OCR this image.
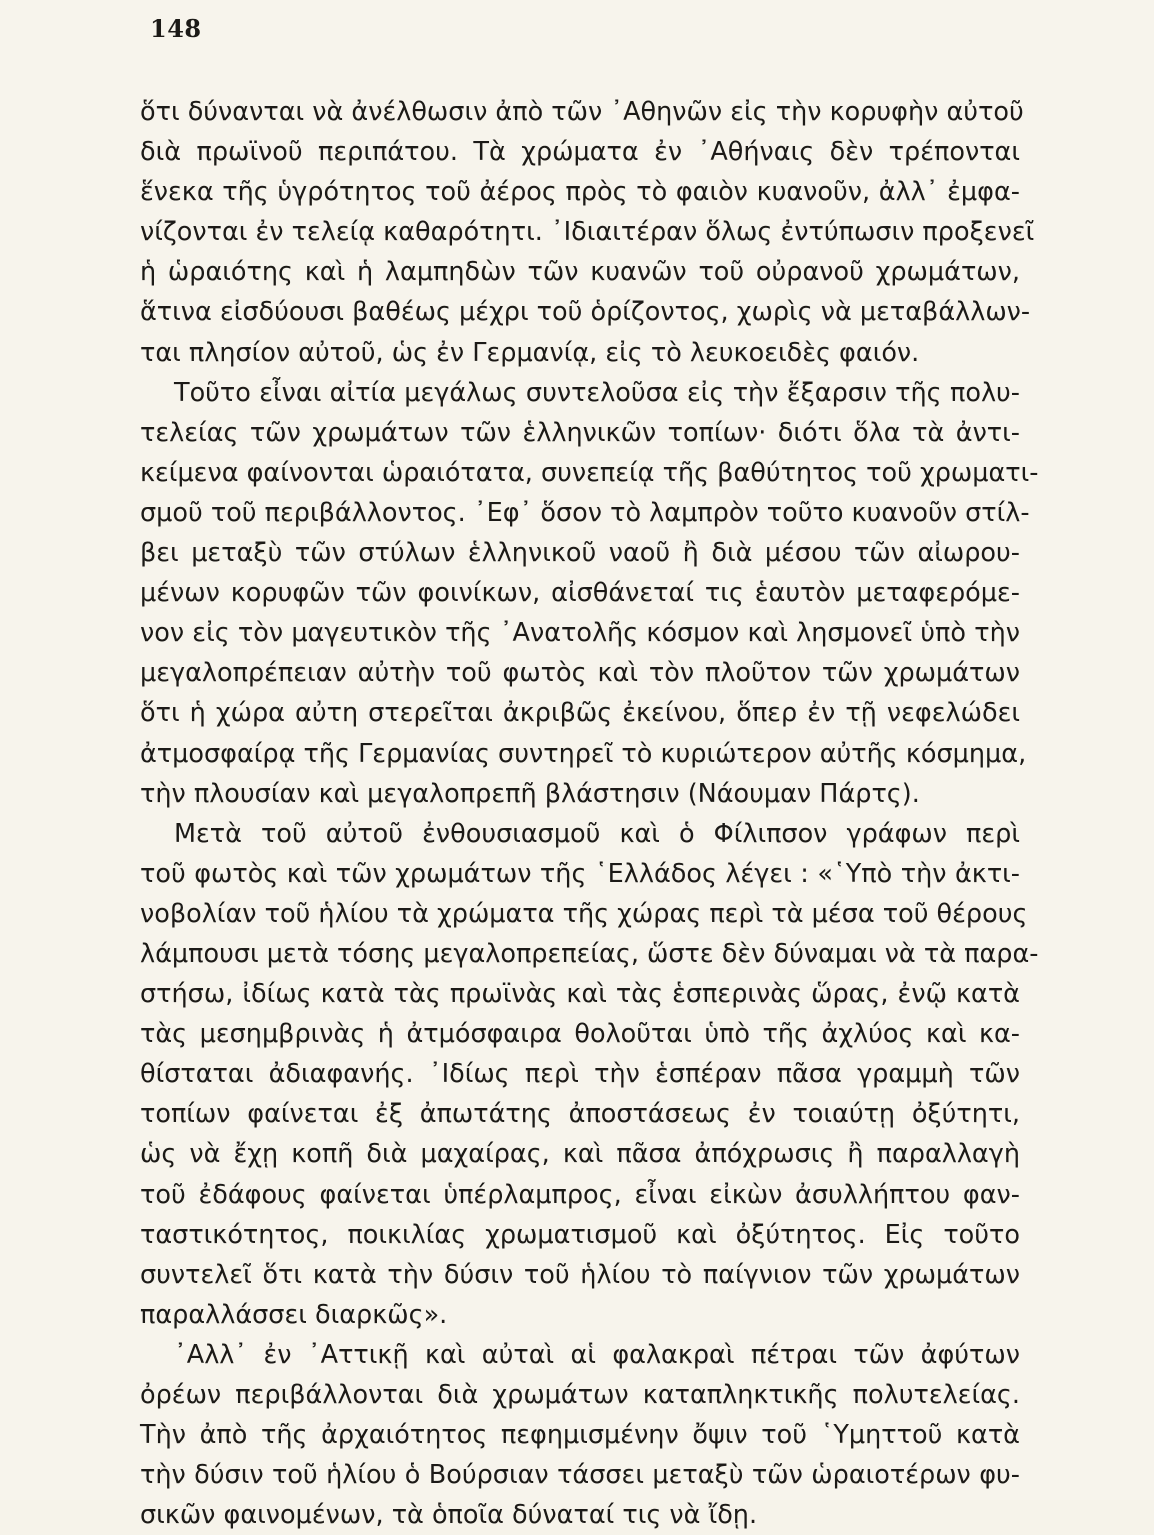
148
ὅτι δύνανται νὰ ἀνέλθωσιν ἀπὸ τῶν ᾿Αθηνῶν εἰς τὴν κορυφὴν αὐτοῦ
διὰ πρωϊνοῦ περιπάτου. Τὰ χρώματα ἐν ᾿Αθήναις δὲν τρέπονται
ἕνεκα τῆς ὑγρότητος τοῦ ἀέρος πρὸς τὸ φαιὸν κυανοῦν, ἀλλ᾿ ἐμφα-
νίζονται ἐν τελείᾳ καθαρότητι. ᾿Ιδιαιτέραν ὅλως ἐντύπωσιν προξενεῖ
ἡ ὡραιότης καὶ ἡ λαμπηδὼν τῶν κυανῶν τοῦ οὐρανοῦ χρωμάτων,
ἅτινα εἰσδύουσι βαθέως μέχρι τοῦ ὁρίζοντος, χωρὶς νὰ μεταβάλλων-
ται πλησίον αὐτοῦ, ὡς ἐν Γερμανίᾳ, εἰς τὸ λευκοειδὲς φαιόν.
Τοῦτο εἶναι αἰτία μεγάλως συντελοῦσα εἰς τὴν ἔξαρσιν τῆς πολυ-
τελείας τῶν χρωμάτων τῶν ἑλληνικῶν τοπίων· διότι ὅλα τὰ ἀντι-
κείμενα φαίνονται ὡραιότατα, συνεπείᾳ τῆς βαθύτητος τοῦ χρωματι-
σμοῦ τοῦ περιβάλλοντος. ᾿Εφ᾿ ὅσον τὸ λαμπρὸν τοῦτο κυανοῦν στίλ-
βει μεταξὺ τῶν στύλων ἑλληνικοῦ ναοῦ ἢ διὰ μέσου τῶν αἰωρου-
μένων κορυφῶν τῶν φοινίκων, αἰσθάνεταί τις ἑαυτὸν μεταφερόμε-
νον εἰς τὸν μαγευτικὸν τῆς ᾿Ανατολῆς κόσμον καὶ λησμονεῖ ὑπὸ τὴν
μεγαλοπρέπειαν αὐτὴν τοῦ φωτὸς καὶ τὸν πλοῦτον τῶν χρωμάτων
ὅτι ἡ χώρα αὐτη στερεῖται ἀκριβῶς ἐκείνου, ὅπερ ἐν τῇ νεφελώδει
ἀτμοσφαίρᾳ τῆς Γερμανίας συντηρεῖ τὸ κυριώτερον αὐτῆς κόσμημα,
τὴν πλουσίαν καὶ μεγαλοπρεπῆ βλάστησιν (Νάουμαν Πάρτς).
Μετὰ τοῦ αὐτοῦ ἐνθουσιασμοῦ καὶ ὁ Φίλιπσον γράφων περὶ
τοῦ φωτὸς καὶ τῶν χρωμάτων τῆς ῾Ελλάδος λέγει : «῾Υπὸ τὴν ἀκτι-
νοβολίαν τοῦ ἡλίου τὰ χρώματα τῆς χώρας περὶ τὰ μέσα τοῦ θέρους
λάμπουσι μετὰ τόσης μεγαλοπρεπείας, ὥστε δὲν δύναμαι νὰ τὰ παρα-
στήσω, ἰδίως κατὰ τὰς πρωϊνὰς καὶ τὰς ἑσπερινὰς ὥρας, ἐνῷ κατὰ
τὰς μεσημβρινὰς ἡ ἀτμόσφαιρα θολοῦται ὑπὸ τῆς ἀχλύος καὶ κα-
θίσταται ἀδιαφανής. ᾿Ιδίως περὶ τὴν ἑσπέραν πᾶσα γραμμὴ τῶν
τοπίων φαίνεται ἐξ ἀπωτάτης ἀποστάσεως ἐν τοιαύτῃ ὀξύτητι,
ὡς νὰ ἔχῃ κοπῆ διὰ μαχαίρας, καὶ πᾶσα ἀπόχρωσις ἢ παραλλαγὴ
τοῦ ἐδάφους φαίνεται ὑπέρλαμπρος, εἶναι εἰκὼν ἀσυλλήπτου φαν-
ταστικότητος, ποικιλίας χρωματισμοῦ καὶ ὀξύτητος. Εἰς τοῦτο
συντελεῖ ὅτι κατὰ τὴν δύσιν τοῦ ἡλίου τὸ παίγνιον τῶν χρωμάτων
παραλλάσσει διαρκῶς».
᾿Αλλ᾿ ἐν ᾿Αττικῇ καὶ αὐταὶ αἱ φαλακραὶ πέτραι τῶν ἀφύτων
ὀρέων περιβάλλονται διὰ χρωμάτων καταπληκτικῆς πολυτελείας.
Τὴν ἀπὸ τῆς ἀρχαιότητος πεφημισμένην ὄψιν τοῦ ῾Υμηττοῦ κατὰ
τὴν δύσιν τοῦ ἡλίου ὁ Βούρσιαν τάσσει μεταξὺ τῶν ὡραιοτέρων φυ-
σικῶν φαινομένων, τὰ ὁποῖα δύναταί τις νὰ ἴδῃ.
